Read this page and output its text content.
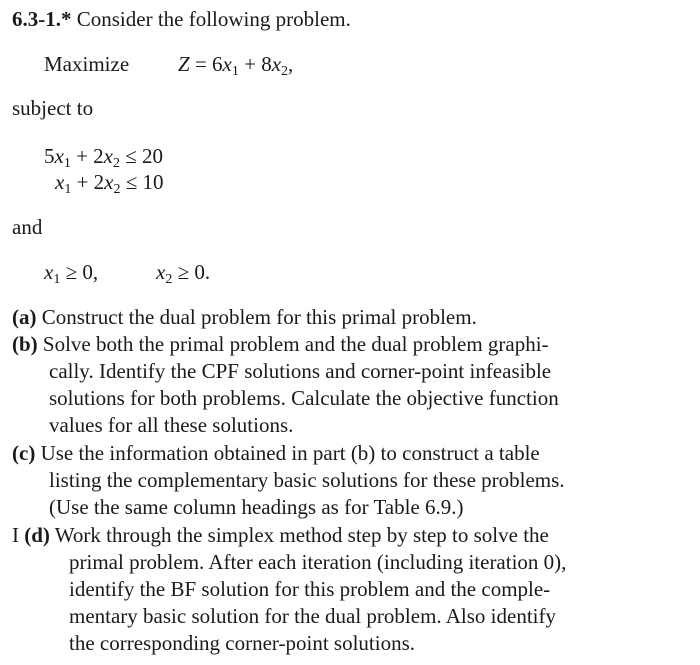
6.3-1.* Consider the following problem.
Maximize $Z = 6x_1 + 8x_2$,
subject to
$5x_1 + 2x_2 \le 20$
$x_1 + 2x_2 \le 10$
and
$x_1 \ge 0$,	$x_2 \ge 0$.
(a) Construct the dual problem for this primal problem.
(b) Solve both the primal problem and the dual problem graphi-
cally. Identify the CPF solutions and corner-point infeasible
solutions for both problems. Calculate the objective function
values for all these solutions.
(c) Use the information obtained in part (b) to construct a table
listing the complementary basic solutions for these problems.
(Use the same column headings as for Table 6.9.)
I (d) Work through the simplex method step by step to solve the
primal problem. After each iteration (including iteration 0),
identify the BF solution for this problem and the comple-
mentary basic solution for the dual problem. Also identify
the corresponding corner-point solutions.
